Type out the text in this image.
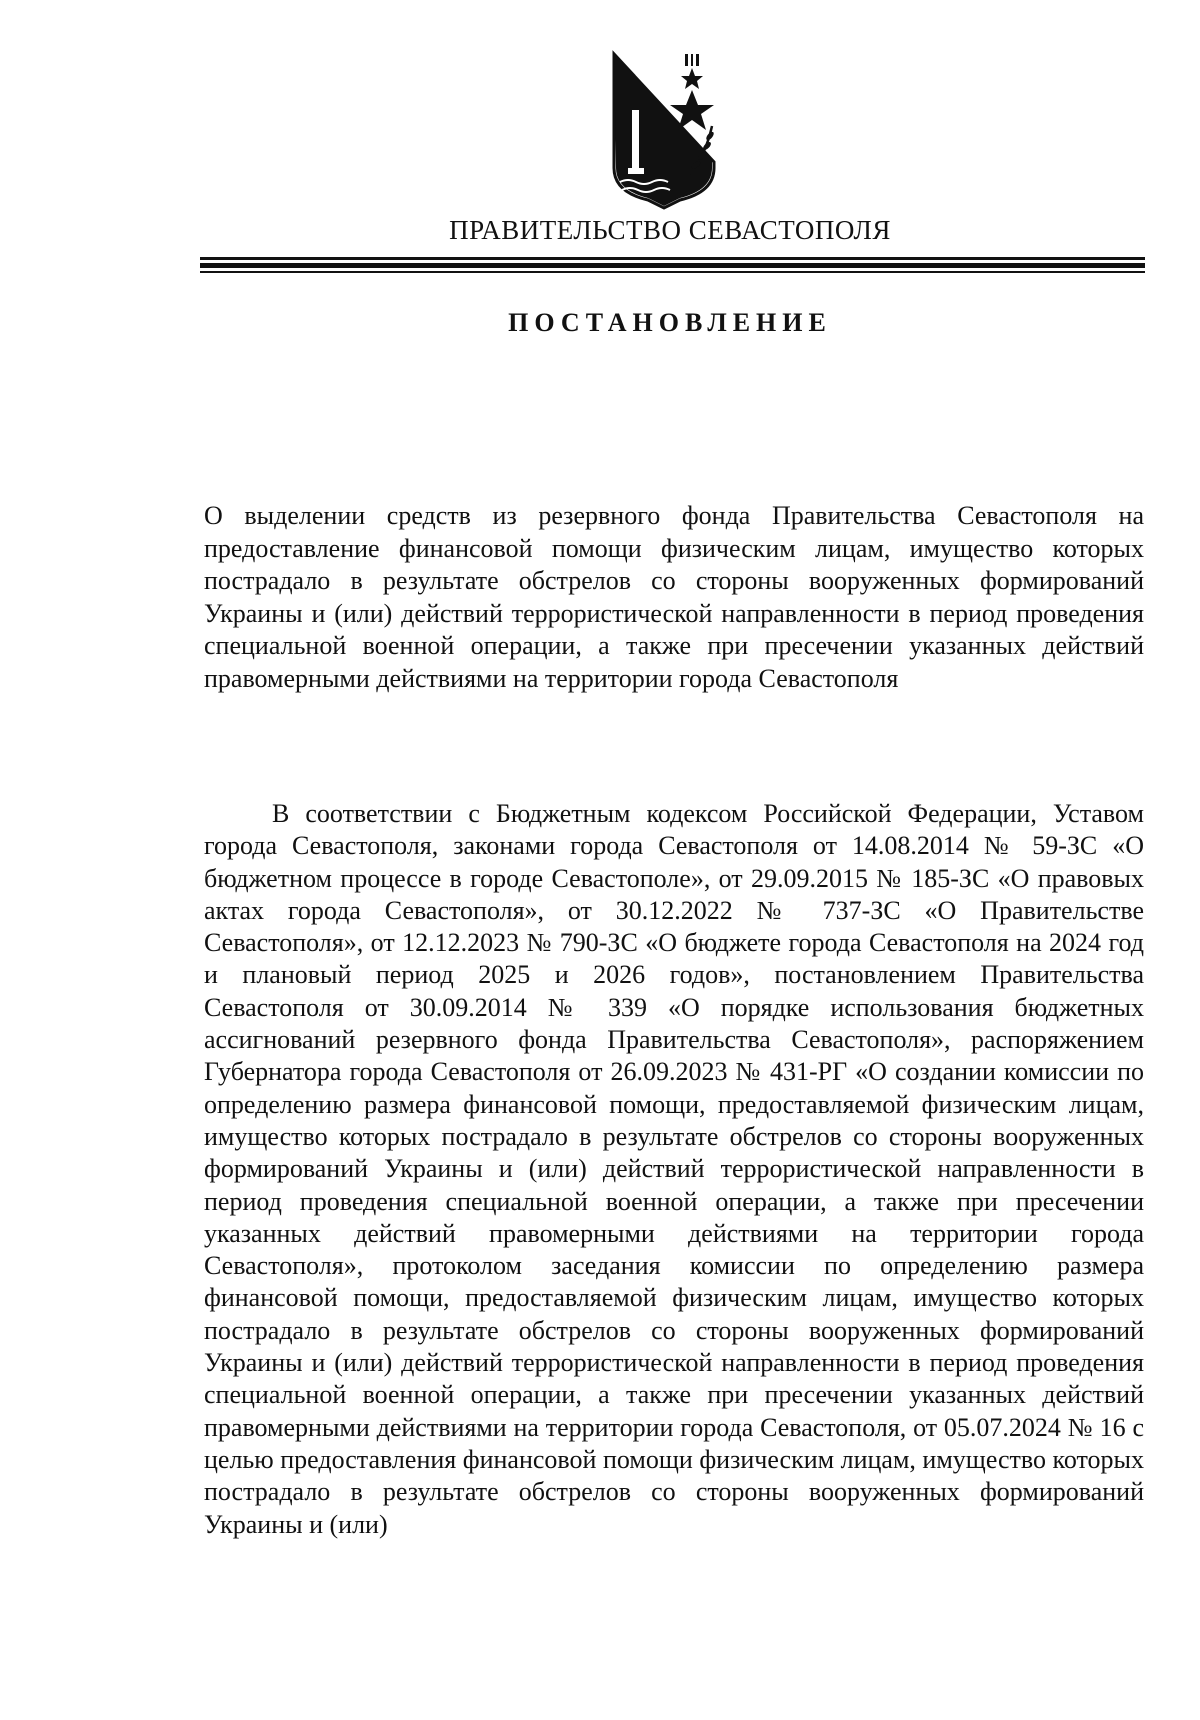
ПРАВИТЕЛЬСТВО СЕВАСТОПОЛЯ
ПОСТАНОВЛЕНИЕ

О выделении средств из резервного фонда Правительства Севастополя на предоставление финансовой помощи физическим лицам, имущество которых пострадало в результате обстрелов со стороны вооруженных формирований Украины и (или) действий террористической направленности в период проведения специальной военной операции, а также при пресечении указанных действий правомерными действиями на территории города Севастополя

В соответствии с Бюджетным кодексом Российской Федерации, Уставом города Севастополя, законами города Севастополя от 14.08.2014 № 59-ЗС «О бюджетном процессе в городе Севастополе», от 29.09.2015 № 185-ЗС «О правовых актах города Севастополя», от 30.12.2022 № 737-ЗС «О Правительстве Севастополя», от 12.12.2023 № 790-ЗС «О бюджете города Севастополя на 2024 год и плановый период 2025 и 2026 годов», постановлением Правительства Севастополя от 30.09.2014 № 339 «О порядке использования бюджетных ассигнований резервного фонда Правительства Севастополя», распоряжением Губернатора города Севастополя от 26.09.2023 № 431-РГ «О создании комиссии по определению размера финансовой помощи, предоставляемой физическим лицам, имущество которых пострадало в результате обстрелов со стороны вооруженных формирований Украины и (или) действий террористической направленности в период проведения специальной военной операции, а также при пресечении указанных действий правомерными действиями на территории города Севастополя», протоколом заседания комиссии по определению размера финансовой помощи, предоставляемой физическим лицам, имущество которых пострадало в результате обстрелов со стороны вооруженных формирований Украины и (или) действий террористической направленности в период проведения специальной военной операции, а также при пресечении указанных действий правомерными действиями на территории города Севастополя, от 05.07.2024 № 16 с целью предоставления финансовой помощи физическим лицам, имущество которых пострадало в результате обстрелов со стороны вооруженных формирований Украины и (или)
